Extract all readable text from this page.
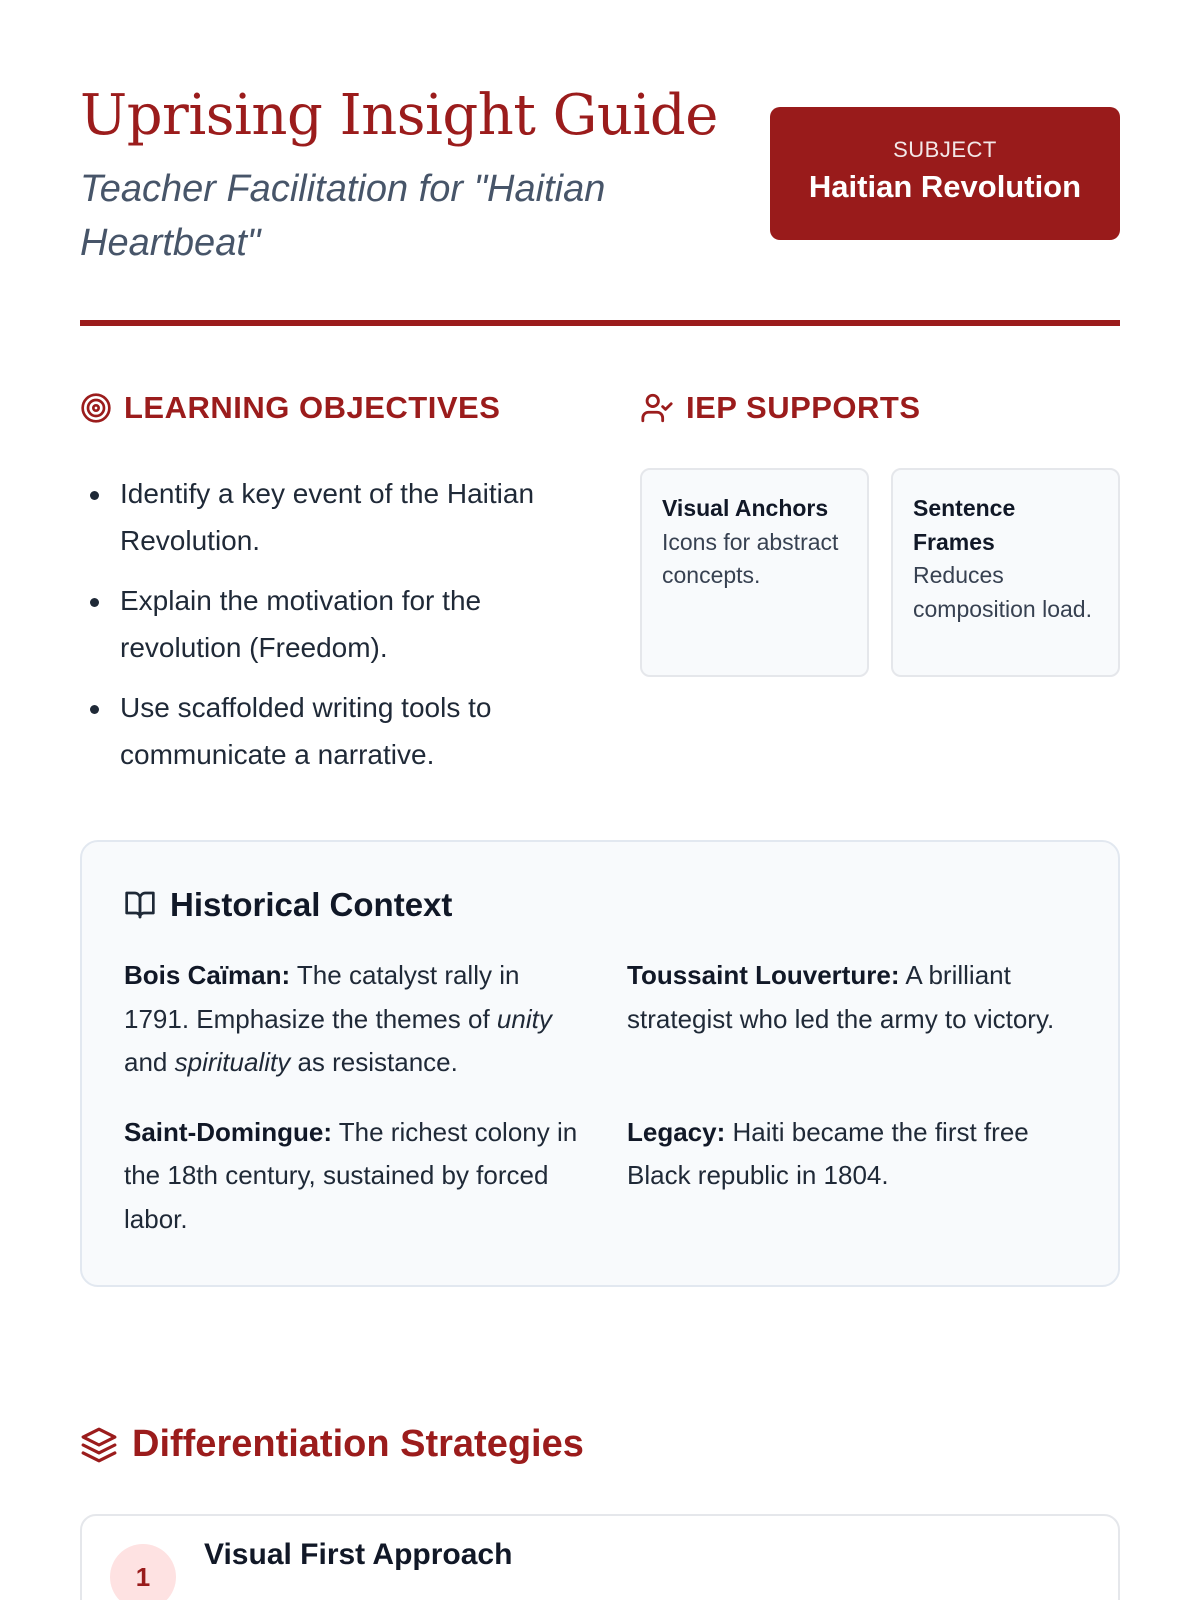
Uprising Insight Guide

Teacher Facilitation for "Haitian Heartbeat"

SUBJECT
Haitian Revolution
LEARNING OBJECTIVES
Identify a key event of the Haitian Revolution.
Explain the motivation for the revolution (Freedom).
Use scaffolded writing tools to communicate a narrative.
IEP SUPPORTS
Visual Anchors
Icons for abstract concepts.
Sentence Frames
Reduces composition load.
Historical Context

Bois Caïman: The catalyst rally in 1791. Emphasize the themes of unity and spirituality as resistance.

Toussaint Louverture: A brilliant strategist who led the army to victory.

Saint-Domingue: The richest colony in the 18th century, sustained by forced labor.

Legacy: Haiti became the first free Black republic in 1804.

Differentiation Strategies
1
Visual First Approach
